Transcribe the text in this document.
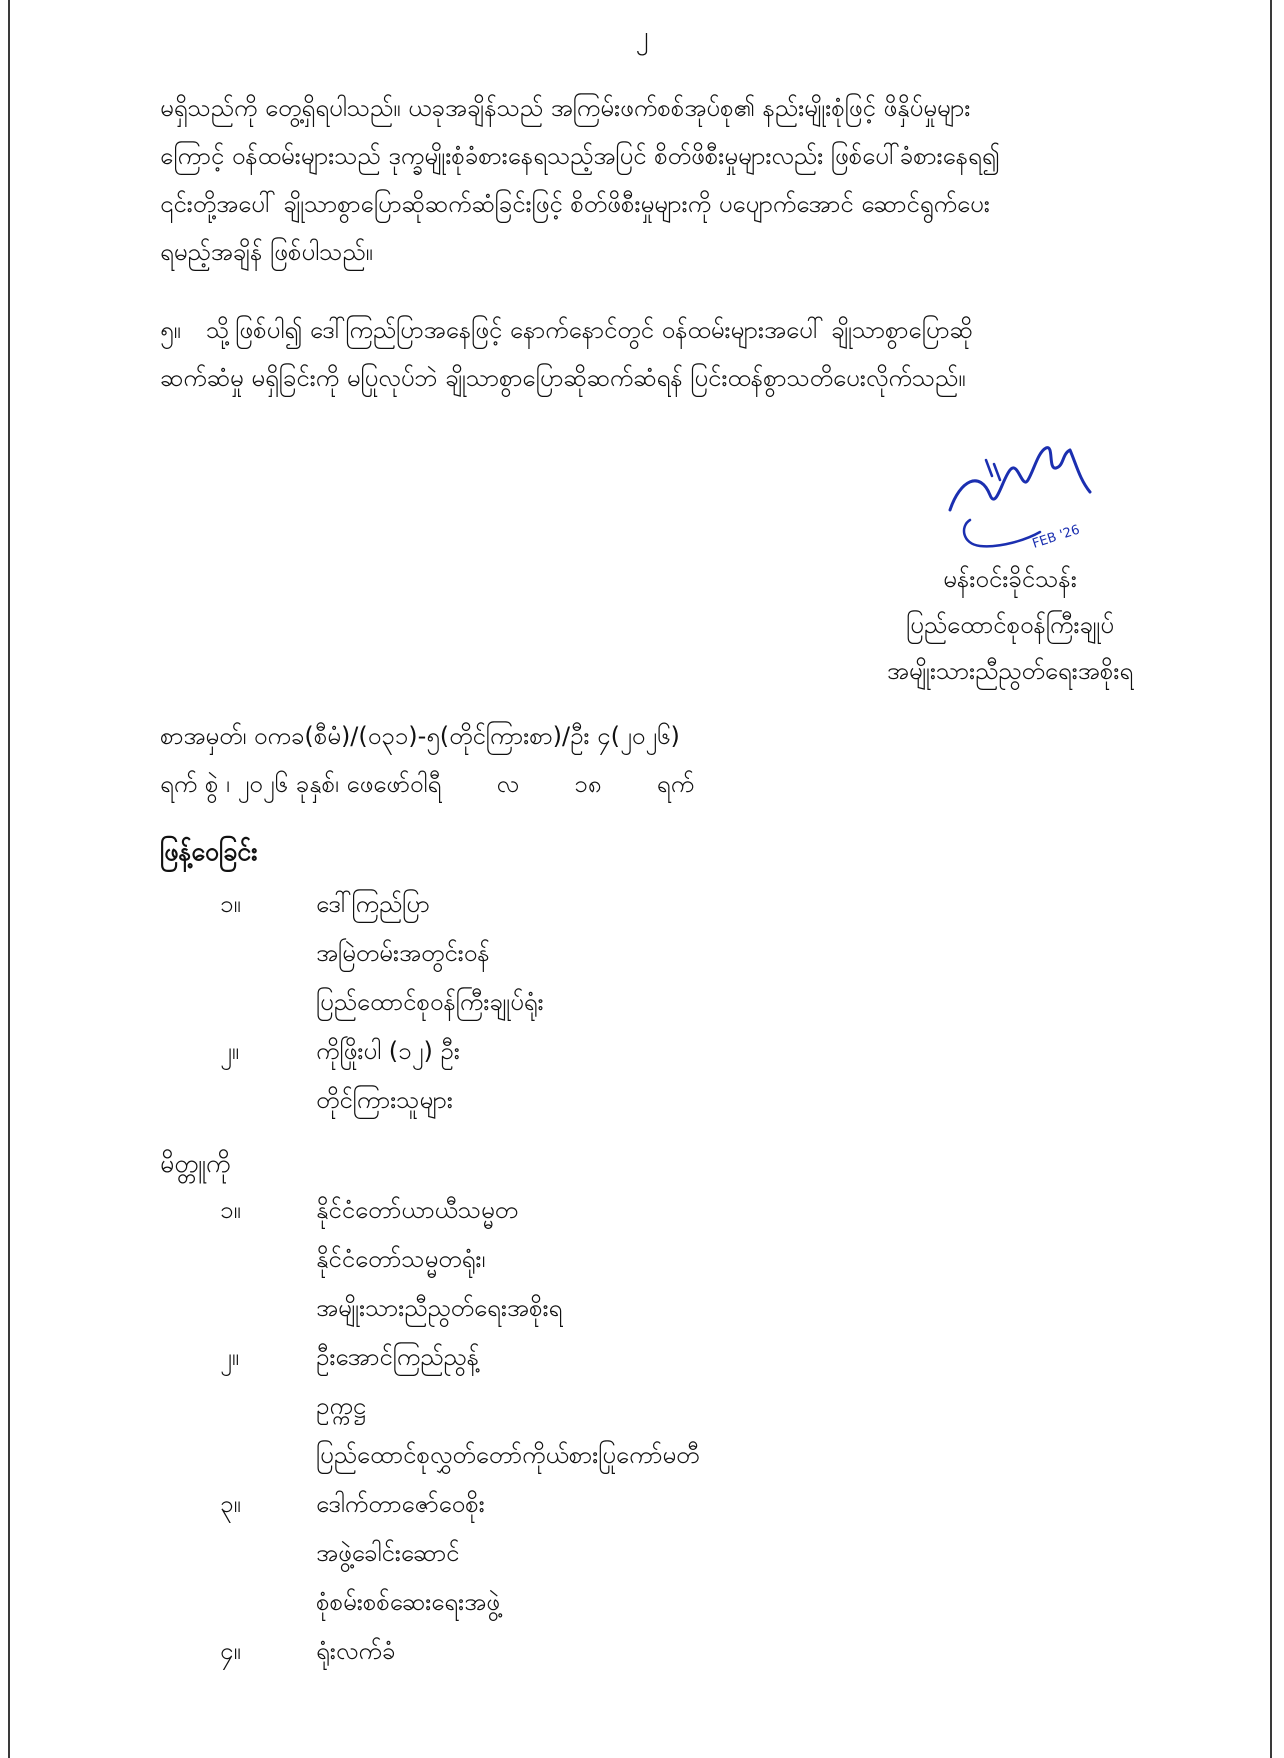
၂
မရှိသည်ကို တွေ့ရှိရပါသည်။ ယခုအချိန်သည် အကြမ်းဖက်စစ်အုပ်စု၏ နည်းမျိုးစုံဖြင့် ဖိနှိပ်မှုများ
ကြောင့် ဝန်ထမ်းများသည် ဒုက္ခမျိုးစုံခံစားနေရသည့်အပြင် စိတ်ဖိစီးမှုများလည်း ဖြစ်ပေါ်ခံစားနေရ၍
၎င်းတို့အပေါ် ချိုသာစွာပြောဆိုဆက်ဆံခြင်းဖြင့် စိတ်ဖိစီးမှုများကို ပပျောက်အောင် ဆောင်ရွက်ပေး
ရမည့်အချိန် ဖြစ်ပါသည်။
၅။ သို့ဖြစ်ပါ၍ ဒေါ်ကြည်ပြာအနေဖြင့် နောက်နောင်တွင် ဝန်ထမ်းများအပေါ် ချိုသာစွာပြောဆို
ဆက်ဆံမှု မရှိခြင်းကို မပြုလုပ်ဘဲ ချိုသာစွာပြောဆိုဆက်ဆံရန် ပြင်းထန်စွာသတိပေးလိုက်သည်။
FEB '26
မန်းဝင်းခိုင်သန်း
ပြည်ထောင်စုဝန်ကြီးချုပ်
အမျိုးသားညီညွတ်ရေးအစိုးရ
စာအမှတ်၊ ဝကခ(စီမံ)/(ဝ၃၁)-၅(တိုင်ကြားစာ)/ဦး ၄(၂ဝ၂၆)
ရက် စွဲ ၊ ၂ဝ၂၆ ခုနှစ်၊ ဖေဖော်ဝါရီ လ ၁၈ ရက်
ဖြန့်ဝေခြင်း
၁။	ဒေါ်ကြည်ပြာ
အမြဲတမ်းအတွင်းဝန်
ပြည်ထောင်စုဝန်ကြီးချုပ်ရုံး
၂။	ကိုဖြိုးပါ (၁၂) ဦး
တိုင်ကြားသူများ
မိတ္တူကို
၁။	နိုင်ငံတော်ယာယီသမ္မတ
နိုင်ငံတော်သမ္မတရုံး၊
အမျိုးသားညီညွတ်ရေးအစိုးရ
၂။	ဦးအောင်ကြည်ညွန့်
ဥက္ကဋ္ဌ
ပြည်ထောင်စုလွှတ်တော်ကိုယ်စားပြုကော်မတီ
၃။	ဒေါက်တာဇော်ဝေစိုး
အဖွဲ့ခေါင်းဆောင်
စုံစမ်းစစ်ဆေးရေးအဖွဲ့
၄။	ရုံးလက်ခံ
